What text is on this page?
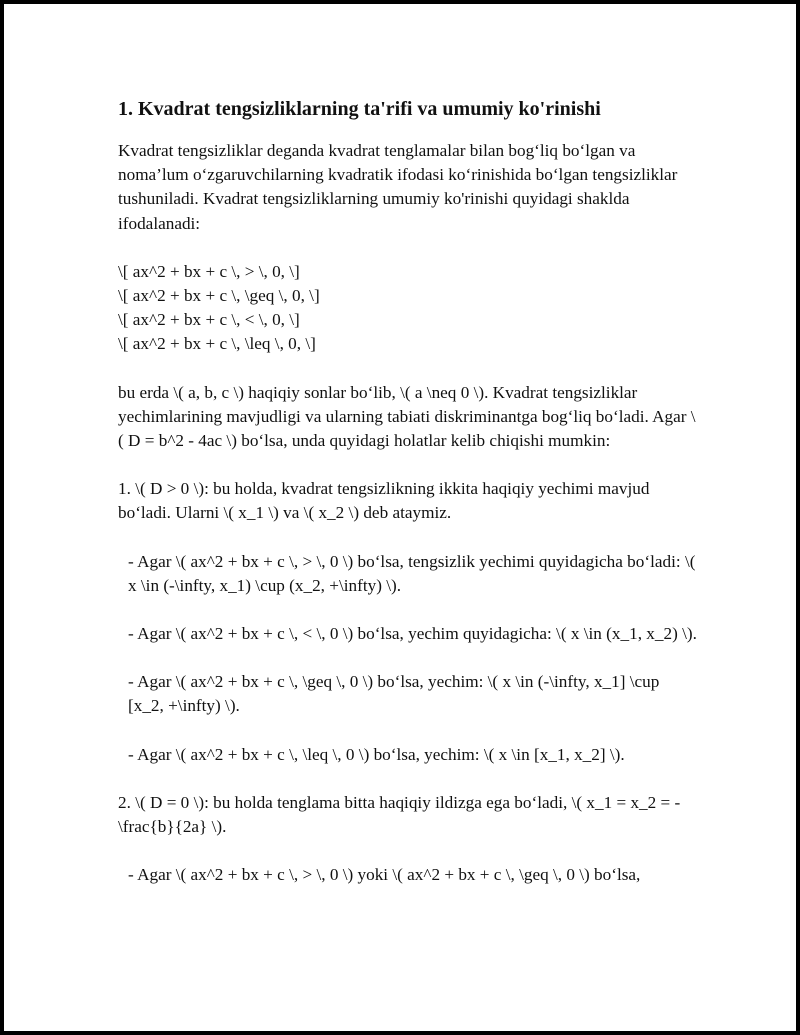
1. Kvadrat tengsizliklarning ta'rifi va umumiy ko'rinishi

Kvadrat tengsizliklar deganda kvadrat tenglamalar bilan bog‘liq bo‘lgan va noma’lum o‘zgaruvchilarning kvadratik ifodasi ko‘rinishida bo‘lgan tengsizliklar tushuniladi. Kvadrat tengsizliklarning umumiy ko'rinishi quyidagi shaklda ifodalanadi:

\[ ax^2 + bx + c \, > \, 0, \]

\[ ax^2 + bx + c \, \geq \, 0, \]

\[ ax^2 + bx + c \, < \, 0, \]

\[ ax^2 + bx + c \, \leq \, 0, \]

bu erda \( a, b, c \) haqiqiy sonlar bo‘lib, \( a \neq 0 \). Kvadrat tengsizliklar yechimlarining mavjudligi va ularning tabiati diskriminantga bog‘liq bo‘ladi. Agar \( D = b^2 - 4ac \) bo‘lsa, unda quyidagi holatlar kelib chiqishi mumkin:

1. \( D > 0 \): bu holda, kvadrat tengsizlikning ikkita haqiqiy yechimi mavjud bo‘ladi. Ularni \( x_1 \) va \( x_2 \) deb ataymiz.

- Agar \( ax^2 + bx + c \, > \, 0 \) bo‘lsa, tengsizlik yechimi quyidagicha bo‘ladi: \( x \in (-\infty, x_1) \cup (x_2, +\infty) \).

- Agar \( ax^2 + bx + c \, < \, 0 \) bo‘lsa, yechim quyidagicha: \( x \in (x_1, x_2) \).

- Agar \( ax^2 + bx + c \, \geq \, 0 \) bo‘lsa, yechim: \( x \in (-\infty, x_1] \cup [x_2, +\infty) \).

- Agar \( ax^2 + bx + c \, \leq \, 0 \) bo‘lsa, yechim: \( x \in [x_1, x_2] \).

2. \( D = 0 \): bu holda tenglama bitta haqiqiy ildizga ega bo‘ladi, \( x_1 = x_2 = -\frac{b}{2a} \).

- Agar \( ax^2 + bx + c \, > \, 0 \) yoki \( ax^2 + bx + c \, \geq \, 0 \) bo‘lsa,
